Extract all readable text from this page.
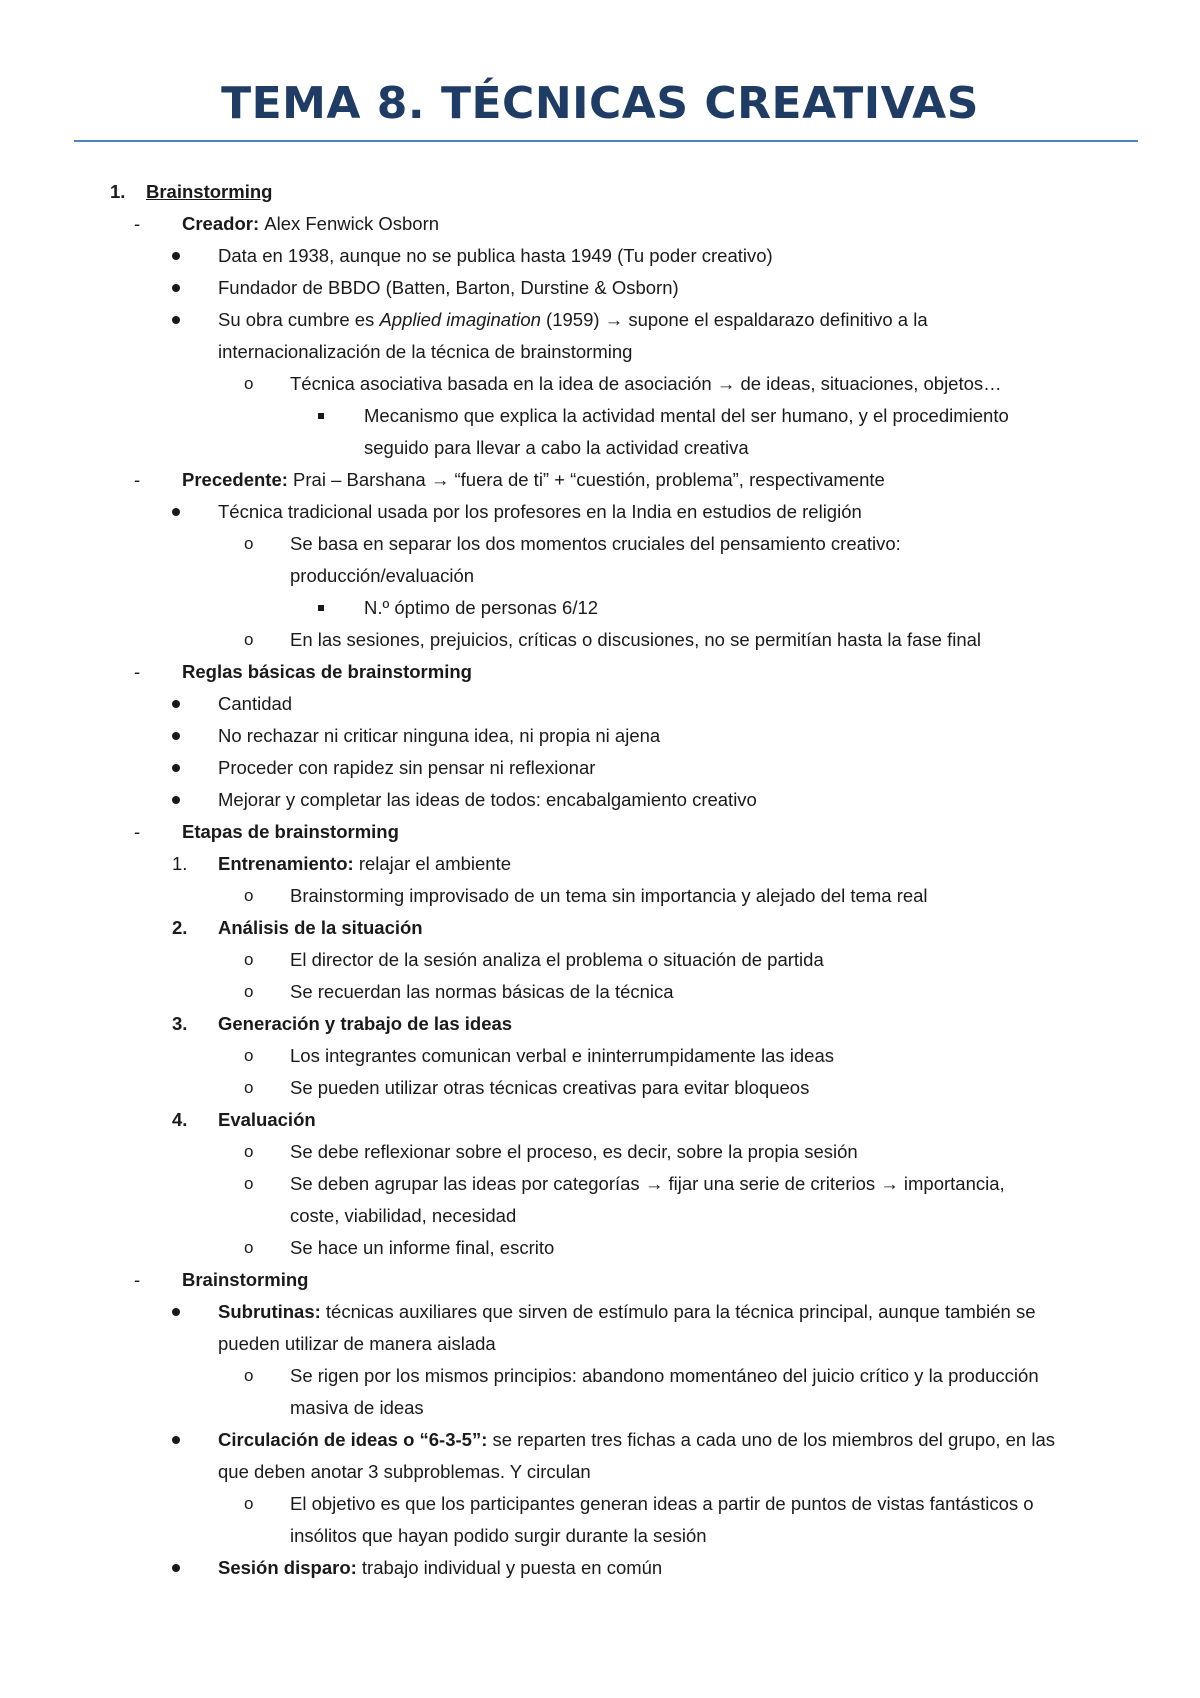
TEMA 8. TÉCNICAS CREATIVAS
1. Brainstorming
- Creador: Alex Fenwick Osborn
Data en 1938, aunque no se publica hasta 1949 (Tu poder creativo)
Fundador de BBDO (Batten, Barton, Durstine & Osborn)
Su obra cumbre es Applied imagination (1959) → supone el espaldarazo definitivo a la
internacionalización de la técnica de brainstorming
o Técnica asociativa basada en la idea de asociación → de ideas, situaciones, objetos…
Mecanismo que explica la actividad mental del ser humano, y el procedimiento
seguido para llevar a cabo la actividad creativa
- Precedente: Prai – Barshana → “fuera de ti” + “cuestión, problema”, respectivamente
Técnica tradicional usada por los profesores en la India en estudios de religión
o Se basa en separar los dos momentos cruciales del pensamiento creativo:
producción/evaluación
N.º óptimo de personas 6/12
o En las sesiones, prejuicios, críticas o discusiones, no se permitían hasta la fase final
- Reglas básicas de brainstorming
Cantidad
No rechazar ni criticar ninguna idea, ni propia ni ajena
Proceder con rapidez sin pensar ni reflexionar
Mejorar y completar las ideas de todos: encabalgamiento creativo
- Etapas de brainstorming
1. Entrenamiento: relajar el ambiente
o Brainstorming improvisado de un tema sin importancia y alejado del tema real
2. Análisis de la situación
o El director de la sesión analiza el problema o situación de partida
o Se recuerdan las normas básicas de la técnica
3. Generación y trabajo de las ideas
o Los integrantes comunican verbal e ininterrumpidamente las ideas
o Se pueden utilizar otras técnicas creativas para evitar bloqueos
4. Evaluación
o Se debe reflexionar sobre el proceso, es decir, sobre la propia sesión
o Se deben agrupar las ideas por categorías → fijar una serie de criterios → importancia,
coste, viabilidad, necesidad
o Se hace un informe final, escrito
- Brainstorming
Subrutinas: técnicas auxiliares que sirven de estímulo para la técnica principal, aunque también se
pueden utilizar de manera aislada
o Se rigen por los mismos principios: abandono momentáneo del juicio crítico y la producción
masiva de ideas
Circulación de ideas o “6-3-5”: se reparten tres fichas a cada uno de los miembros del grupo, en las
que deben anotar 3 subproblemas. Y circulan
o El objetivo es que los participantes generan ideas a partir de puntos de vistas fantásticos o
insólitos que hayan podido surgir durante la sesión
Sesión disparo: trabajo individual y puesta en común
